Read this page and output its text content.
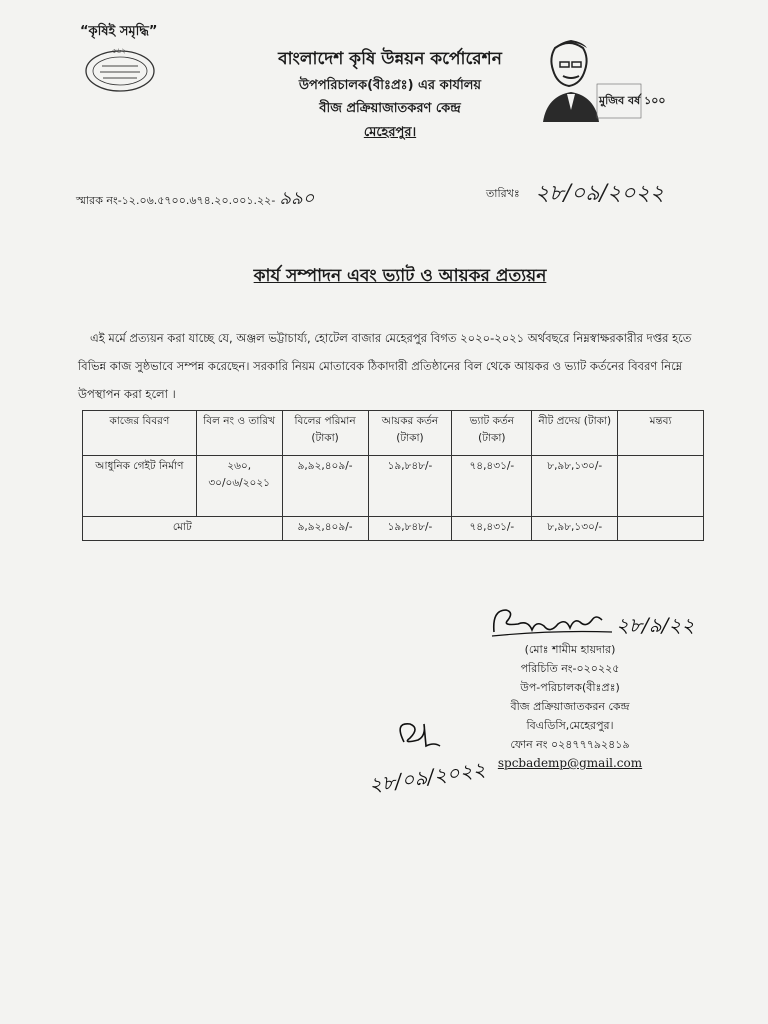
“কৃষিই সমৃদ্ধি”
৫৬২	বাংলাদেশ কৃষি উন্নয়ন কর্পোরেশন
উপপরিচালক(বীঃপ্রঃ) এর কার্যালয়
বীজ প্রক্রিয়াজাতকরণ কেন্দ্র
মেহেরপুর।
মুজিব বর্ষ ১০০
স্মারক নং-১২.০৬.৫৭০০.৬৭৪.২০.০০১.২২- ৯৯০	তারিখঃ ২৮/০৯/২০২২
কার্য সম্পাদন এবং ভ্যাট ও আয়কর প্রত্যয়ন
এই মর্মে প্রত্যয়ন করা যাচ্ছে যে, অঞ্জল ভট্টাচার্য্য, হোটেল বাজার মেহেরপুর বিগত ২০২০-২০২১ অর্থবছরে নিম্নস্বাক্ষরকারীর দপ্তর হতে বিভিন্ন কাজ সুষ্ঠভাবে সম্পন্ন করেছেন। সরকারি নিয়ম মোতাবেক ঠিকাদারী প্রতিষ্ঠানের বিল থেকে আয়কর ও ভ্যাট কর্তনের বিবরণ নিম্নে উপস্থাপন করা হলো ।
কাজের বিবরণ	বিল নং ও তারিখ	বিলের পরিমান (টাকা)	আয়কর কর্তন (টাকা)	ভ্যাট কর্তন (টাকা)	নীট প্রদেয় (টাকা)	মন্তব্য
আধুনিক গেইট নির্মাণ	২৬০, ৩০/০৬/২০২১	৯,৯২,৪০৯/-	১৯,৮৪৮/-	৭৪,৪৩১/-	৮,৯৮,১৩০/-	
মোট		৯,৯২,৪০৯/-	১৯,৮৪৮/-	৭৪,৪৩১/-	৮,৯৮,১৩০/-	
২৮/৯/২২
(মোঃ শামীম হায়দার)
পরিচিতি নং-০২০২২৫
উপ-পরিচালক(বীঃপ্রঃ)
বীজ প্রক্রিয়াজাতকরন কেন্দ্র
বিএডিসি,মেহেরপুর।
ফোন নং ০২৪৭৭৭৯২৪১৯
spcbademp@gmail.com
২৮/০৯/২০২২
